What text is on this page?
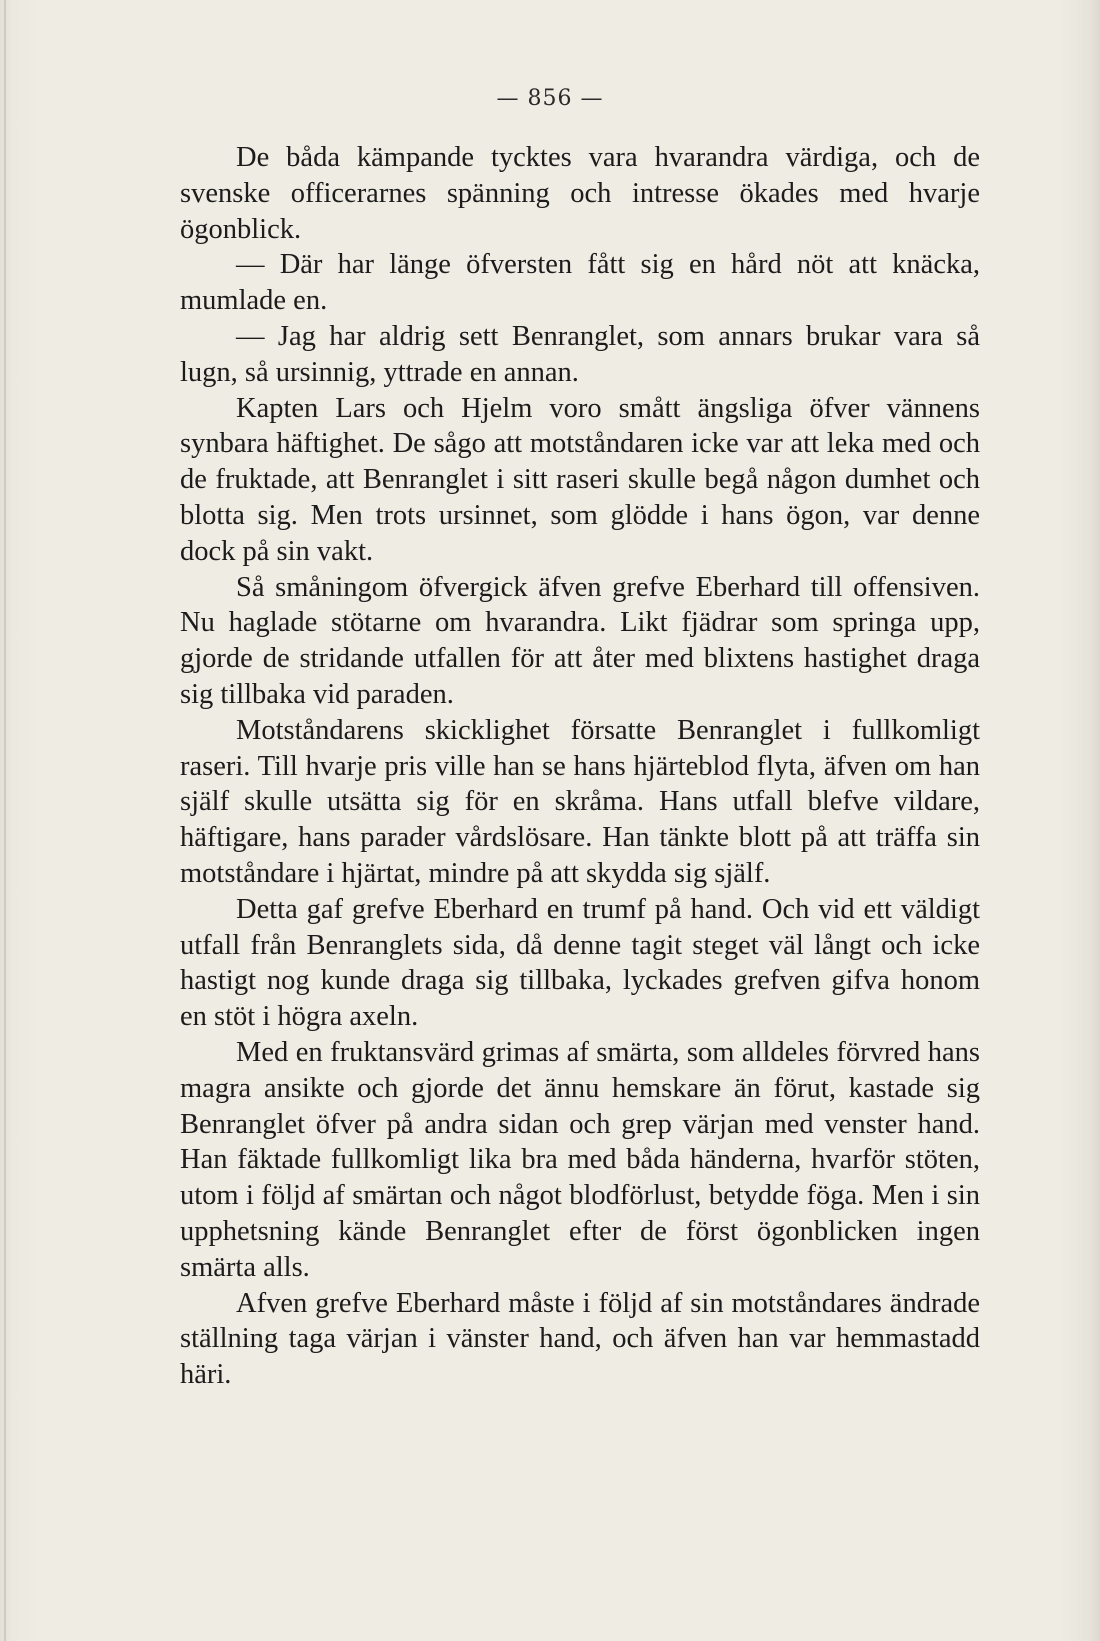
— 856 —

De båda kämpande tycktes vara hvarandra värdiga, och de svenske officerarnes spänning och intresse ökades med hvarje ögonblick.

— Där har länge öfversten fått sig en hård nöt att knäcka, mumlade en.

— Jag har aldrig sett Benranglet, som annars brukar vara så lugn, så ursinnig, yttrade en annan.

Kapten Lars och Hjelm voro smått ängsliga öfver vännens synbara häftighet. De sågo att motståndaren icke var att leka med och de fruktade, att Benranglet i sitt raseri skulle begå någon dumhet och blotta sig. Men trots ursinnet, som glödde i hans ögon, var denne dock på sin vakt.

Så småningom öfvergick äfven grefve Eberhard till offensiven. Nu haglade stötarne om hvarandra. Likt fjädrar som springa upp, gjorde de stridande utfallen för att åter med blixtens hastighet draga sig tillbaka vid paraden.

Motståndarens skicklighet försatte Benranglet i fullkomligt raseri. Till hvarje pris ville han se hans hjärteblod flyta, äfven om han själf skulle utsätta sig för en skråma. Hans utfall blefve vildare, häftigare, hans parader vårdslösare. Han tänkte blott på att träffa sin motståndare i hjärtat, mindre på att skydda sig själf.

Detta gaf grefve Eberhard en trumf på hand. Och vid ett väldigt utfall från Benranglets sida, då denne tagit steget väl långt och icke hastigt nog kunde draga sig tillbaka, lyckades grefven gifva honom en stöt i högra axeln.

Med en fruktansvärd grimas af smärta, som alldeles förvred hans magra ansikte och gjorde det ännu hemskare än förut, kastade sig Benranglet öfver på andra sidan och grep värjan med venster hand. Han fäktade fullkomligt lika bra med båda händerna, hvarför stöten, utom i följd af smärtan och något blodförlust, betydde föga. Men i sin upphetsning kände Benranglet efter de först ögonblicken ingen smärta alls.

Afven grefve Eberhard måste i följd af sin motståndares ändrade ställning taga värjan i vänster hand, och äfven han var hemmastadd häri.
